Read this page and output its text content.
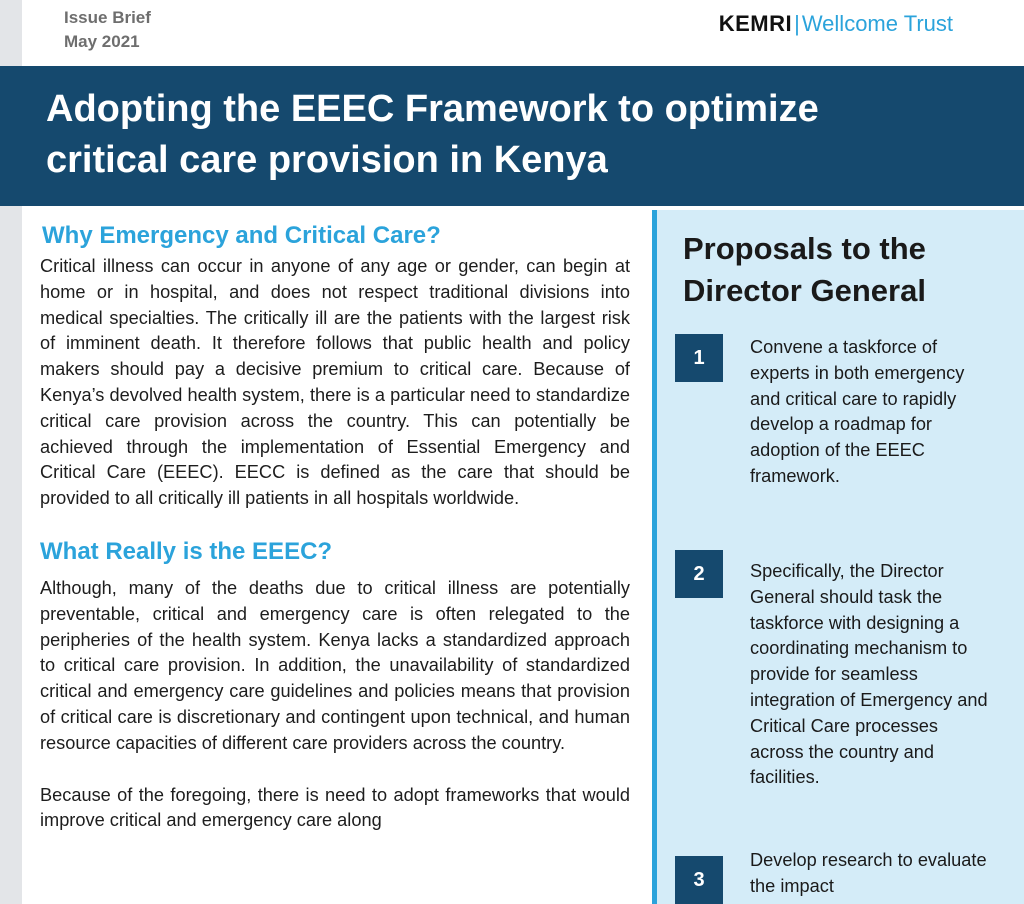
Issue Brief
May 2021
KEMRI|Wellcome Trust
Adopting the EEEC Framework to optimize
critical care provision in Kenya
Why Emergency and Critical Care?
Critical illness can occur in anyone of any age or gender, can begin at home or in hospital, and does not respect traditional divisions into medical specialties. The critically ill are the patients with the largest risk of imminent death. It therefore follows that public health and policy makers should pay a decisive premium to critical care. Because of Kenya’s devolved health system, there is a particular need to standardize critical care provision across the country. This can potentially be achieved through the implementation of Essential Emergency and Critical Care (EEEC). EECC is defined as the care that should be provided to all critically ill patients in all hospitals worldwide.
What Really is the EEEC?
Although, many of the deaths due to critical illness are potentially preventable, critical and emergency care is often relegated to the peripheries of the health system. Kenya lacks a standardized approach to critical care provision. In addition, the unavailability of standardized critical and emergency care guidelines and policies means that provision of critical care is discretionary and contingent upon technical, and human resource capacities of different care providers across the country.
Because of the foregoing, there is need to adopt frameworks that would improve critical and emergency care along
Proposals to the
Director General
1	Convene a taskforce of experts in both emergency and critical care to rapidly develop a roadmap for adoption of the EEEC framework.
2	Specifically, the Director General should task the taskforce with designing a coordinating mechanism to provide for seamless integration of Emergency and Critical Care processes across the country and facilities.
3
Develop research to evaluate the impact
